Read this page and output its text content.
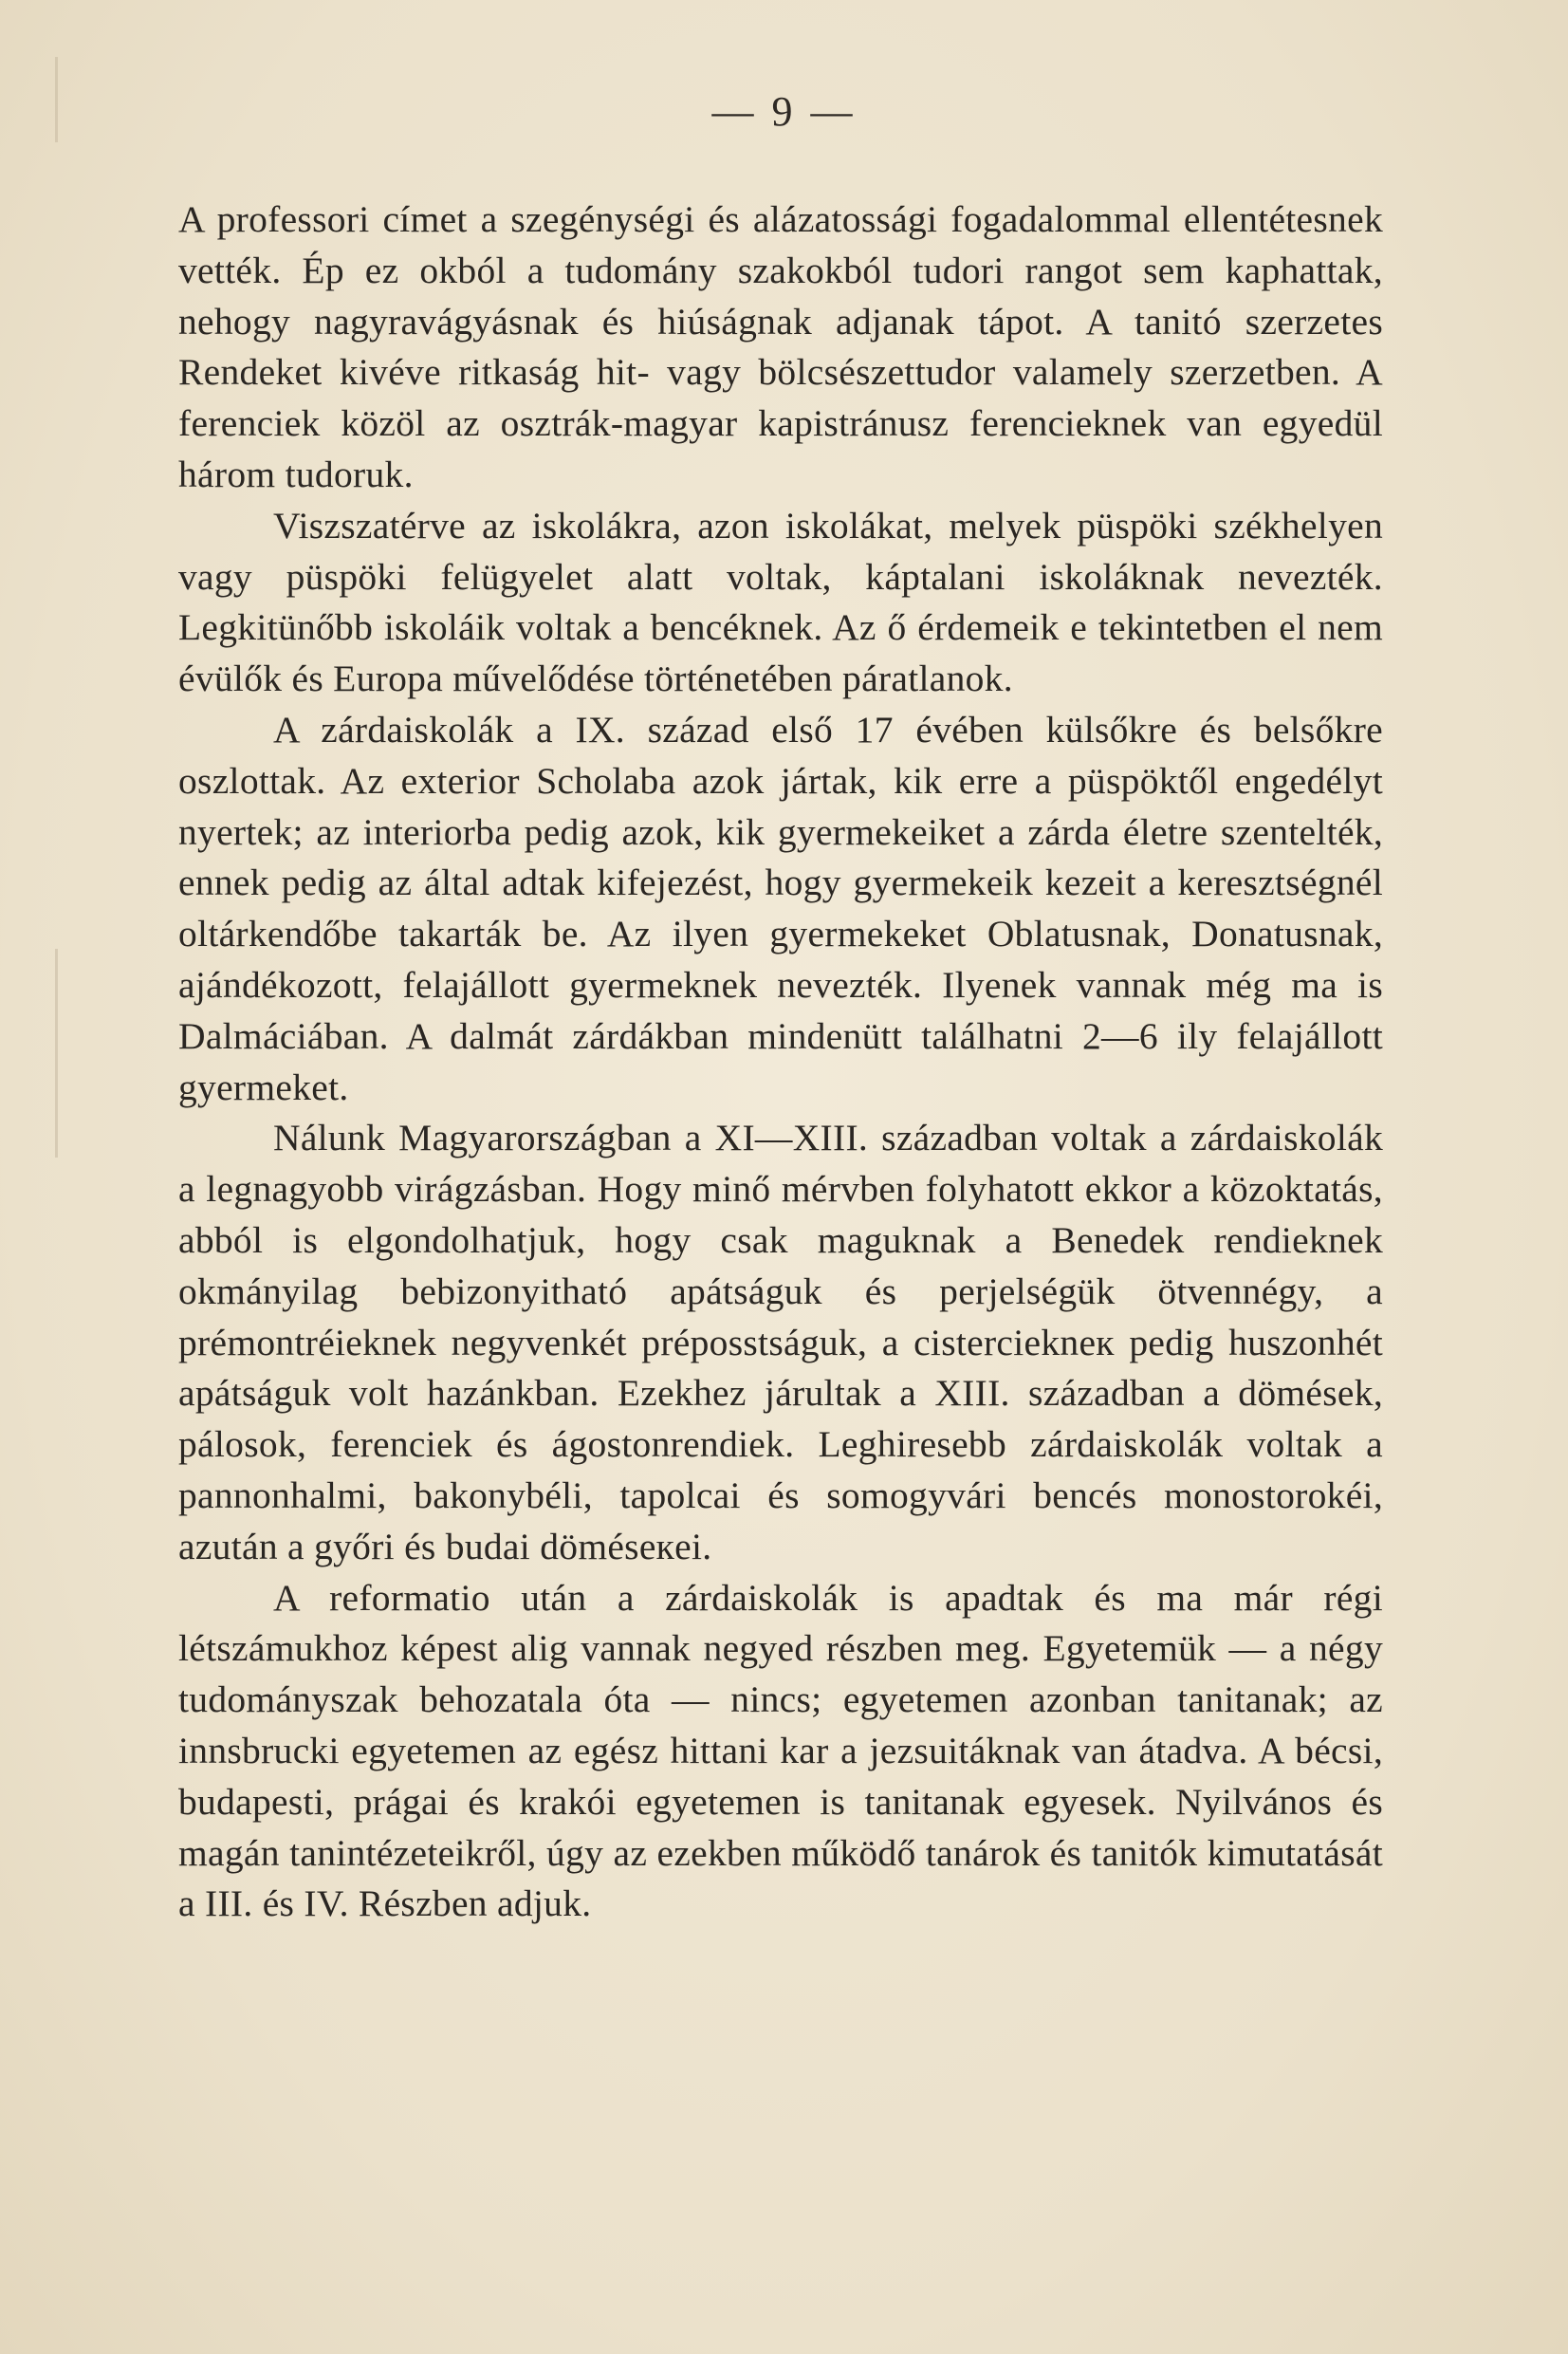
— 9 —

A professori címet a szegénységi és alázatossági fogadalommal ellentétesnek vették. Ép ez okból a tudomány szakokból tudori rangot sem kaphattak, nehogy nagyravágyásnak és hiúságnak adjanak tápot. A tanitó szerzetes Rendeket kivéve ritkaság hit- vagy bölcsészettudor valamely szerzetben. A ferenciek közöl az osztrák-magyar kapistránusz ferencieknek van egyedül három tudoruk.

Viszszatérve az iskolákra, azon iskolákat, melyek püspöki székhelyen vagy püspöki felügyelet alatt voltak, káptalani iskoláknak nevezték. Legkitünőbb iskoláik voltak a bencéknek. Az ő érdemeik e tekintetben el nem évülők és Europa művelődése történetében páratlanok.

A zárdaiskolák a IX. század első 17 évében külsőkre és belsőkre oszlottak. Az exterior Scholaba azok jártak, kik erre a püspöktől engedélyt nyertek; az interiorba pedig azok, kik gyermekeiket a zárda életre szentelték, ennek pedig az által adtak kifejezést, hogy gyermekeik kezeit a keresztségnél oltárkendőbe takarták be. Az ilyen gyermekeket Oblatusnak, Donatusnak, ajándékozott, felajállott gyermeknek nevezték. Ilyenek vannak még ma is Dalmáciában. A dalmát zárdákban mindenütt találhatni 2—6 ily felajállott gyermeket.

Nálunk Magyarországban a XI—XIII. században voltak a zárdaiskolák a legnagyobb virágzásban. Hogy minő mérvben folyhatott ekkor a közoktatás, abból is elgondolhatjuk, hogy csak maguknak a Benedek rendieknek okmányilag bebizonyitható apátságuk és perjelségük ötvennégy, a prémontréieknek negyvenkét préposstságuk, a cisterciekneк pedig huszonhét apátságuk volt hazánkban. Ezekhez járultak a XIII. században a dömések, pálosok, ferenciek és ágostonrendiek. Leghiresebb zárdaiskolák voltak a pannonhalmi, bakonybéli, tapolcai és somogyvári bencés monostorokéi, azután a győri és budai döméseкei.

A reformatio után a zárdaiskolák is apadtak és ma már régi létszámukhoz képest alig vannak negyed részben meg. Egyetemük — a négy tudományszak behozatala óta — nincs; egyetemen azonban tanitanak; az innsbrucki egyetemen az egész hittani kar a jezsuitáknak van átadva. A bécsi, budapesti, prágai és krakói egyetemen is tanitanak egyesek. Nyilvános és magán tanintézeteikről, úgy az ezekben működő tanárok és tanitók kimutatását a III. és IV. Részben adjuk.
